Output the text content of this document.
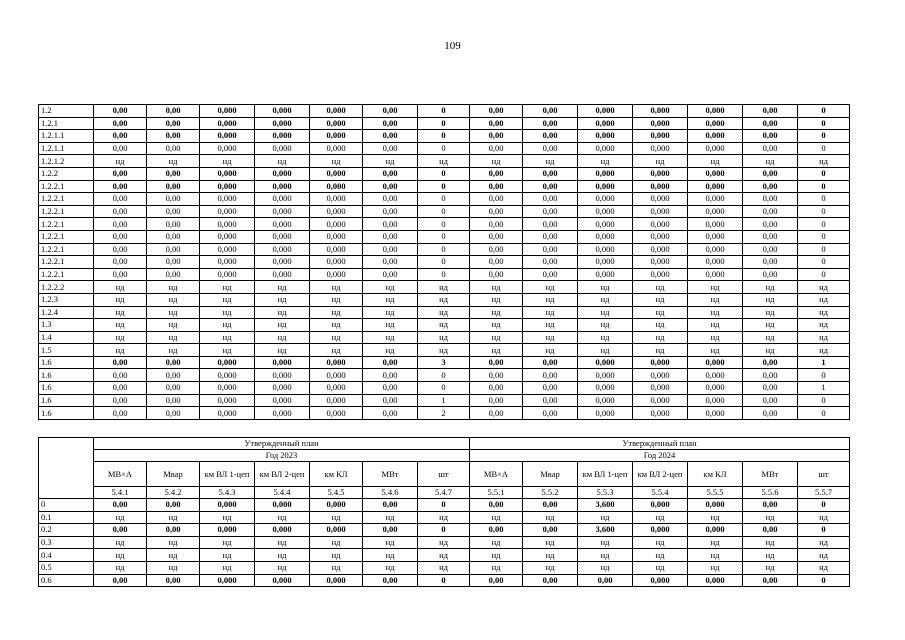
109
1.2	0,00	0,00	0,000	0,000	0,000	0,00	0	0,00	0,00	0,000	0,000	0,000	0,00	0
1.2.1	0,00	0,00	0,000	0,000	0,000	0,00	0	0,00	0,00	0,000	0,000	0,000	0,00	0
1.2.1.1	0,00	0,00	0,000	0,000	0,000	0,00	0	0,00	0,00	0,000	0,000	0,000	0,00	0
1.2.1.1	0,00	0,00	0,000	0,000	0,000	0,00	0	0,00	0,00	0,000	0,000	0,000	0,00	0
1.2.1.2	нд	нд	нд	нд	нд	нд	нд	нд	нд	нд	нд	нд	нд	нд
1.2.2	0,00	0,00	0,000	0,000	0,000	0,00	0	0,00	0,00	0,000	0,000	0,000	0,00	0
1.2.2.1	0,00	0,00	0,000	0,000	0,000	0,00	0	0,00	0,00	0,000	0,000	0,000	0,00	0
1.2.2.1	0,00	0,00	0,000	0,000	0,000	0,00	0	0,00	0,00	0,000	0,000	0,000	0,00	0
1.2.2.1	0,00	0,00	0,000	0,000	0,000	0,00	0	0,00	0,00	0,000	0,000	0,000	0,00	0
1.2.2.1	0,00	0,00	0,000	0,000	0,000	0,00	0	0,00	0,00	0,000	0,000	0,000	0,00	0
1.2.2.1	0,00	0,00	0,000	0,000	0,000	0,00	0	0,00	0,00	0,000	0,000	0,000	0,00	0
1.2.2.1	0,00	0,00	0,000	0,000	0,000	0,00	0	0,00	0,00	0,000	0,000	0,000	0,00	0
1.2.2.1	0,00	0,00	0,000	0,000	0,000	0,00	0	0,00	0,00	0,000	0,000	0,000	0,00	0
1.2.2.1	0,00	0,00	0,000	0,000	0,000	0,00	0	0,00	0,00	0,000	0,000	0,000	0,00	0
1.2.2.2	нд	нд	нд	нд	нд	нд	нд	нд	нд	нд	нд	нд	нд	нд
1.2.3	нд	нд	нд	нд	нд	нд	нд	нд	нд	нд	нд	нд	нд	нд
1.2.4	нд	нд	нд	нд	нд	нд	нд	нд	нд	нд	нд	нд	нд	нд
1.3	нд	нд	нд	нд	нд	нд	нд	нд	нд	нд	нд	нд	нд	нд
1.4	нд	нд	нд	нд	нд	нд	нд	нд	нд	нд	нд	нд	нд	нд
1.5	нд	нд	нд	нд	нд	нд	нд	нд	нд	нд	нд	нд	нд	нд
1.6	0,00	0,00	0,000	0,000	0,000	0,00	3	0,00	0,00	0,000	0,000	0,000	0,00	1
1.6	0,00	0,00	0,000	0,000	0,000	0,00	0	0,00	0,00	0,000	0,000	0,000	0,00	0
1.6	0,00	0,00	0,000	0,000	0,000	0,00	0	0,00	0,00	0,000	0,000	0,000	0,00	1
1.6	0,00	0,00	0,000	0,000	0,000	0,00	1	0,00	0,00	0,000	0,000	0,000	0,00	0
1.6	0,00	0,00	0,000	0,000	0,000	0,00	2	0,00	0,00	0,000	0,000	0,000	0,00	0
	Утвержденный план							Утвержденный план						
	Год 2023							Год 2024						
	МВ×А	Мвар	км ВЛ 1-цеп	км ВЛ 2-цеп	км КЛ	МВт	шт	МВ×А	Мвар	км ВЛ 1-цеп	км ВЛ 2-цеп	км КЛ	МВт	шт
	5.4.1	5.4.2	5.4.3	5.4.4	5.4.5	5.4.6	5.4.7	5.5.1	5.5.2	5.5.3	5.5.4	5.5.5	5.5.6	5.5.7
0	0,00	0,00	0,000	0,000	0,000	0,00	0	0,00	0,00	3,600	0,000	0,000	0,00	0
0.1	нд	нд	нд	нд	нд	нд	нд	нд	нд	нд	нд	нд	нд	нд
0.2	0,00	0,00	0,000	0,000	0,000	0,00	0	0,00	0,00	3,600	0,000	0,000	0,00	0
0.3	нд	нд	нд	нд	нд	нд	нд	нд	нд	нд	нд	нд	нд	нд
0.4	нд	нд	нд	нд	нд	нд	нд	нд	нд	нд	нд	нд	нд	нд
0.5	нд	нд	нд	нд	нд	нд	нд	нд	нд	нд	нд	нд	нд	нд
0.6	0,00	0,00	0,000	0,000	0,000	0,00	0	0,00	0,00	0,00	0,000	0,000	0,00	0
